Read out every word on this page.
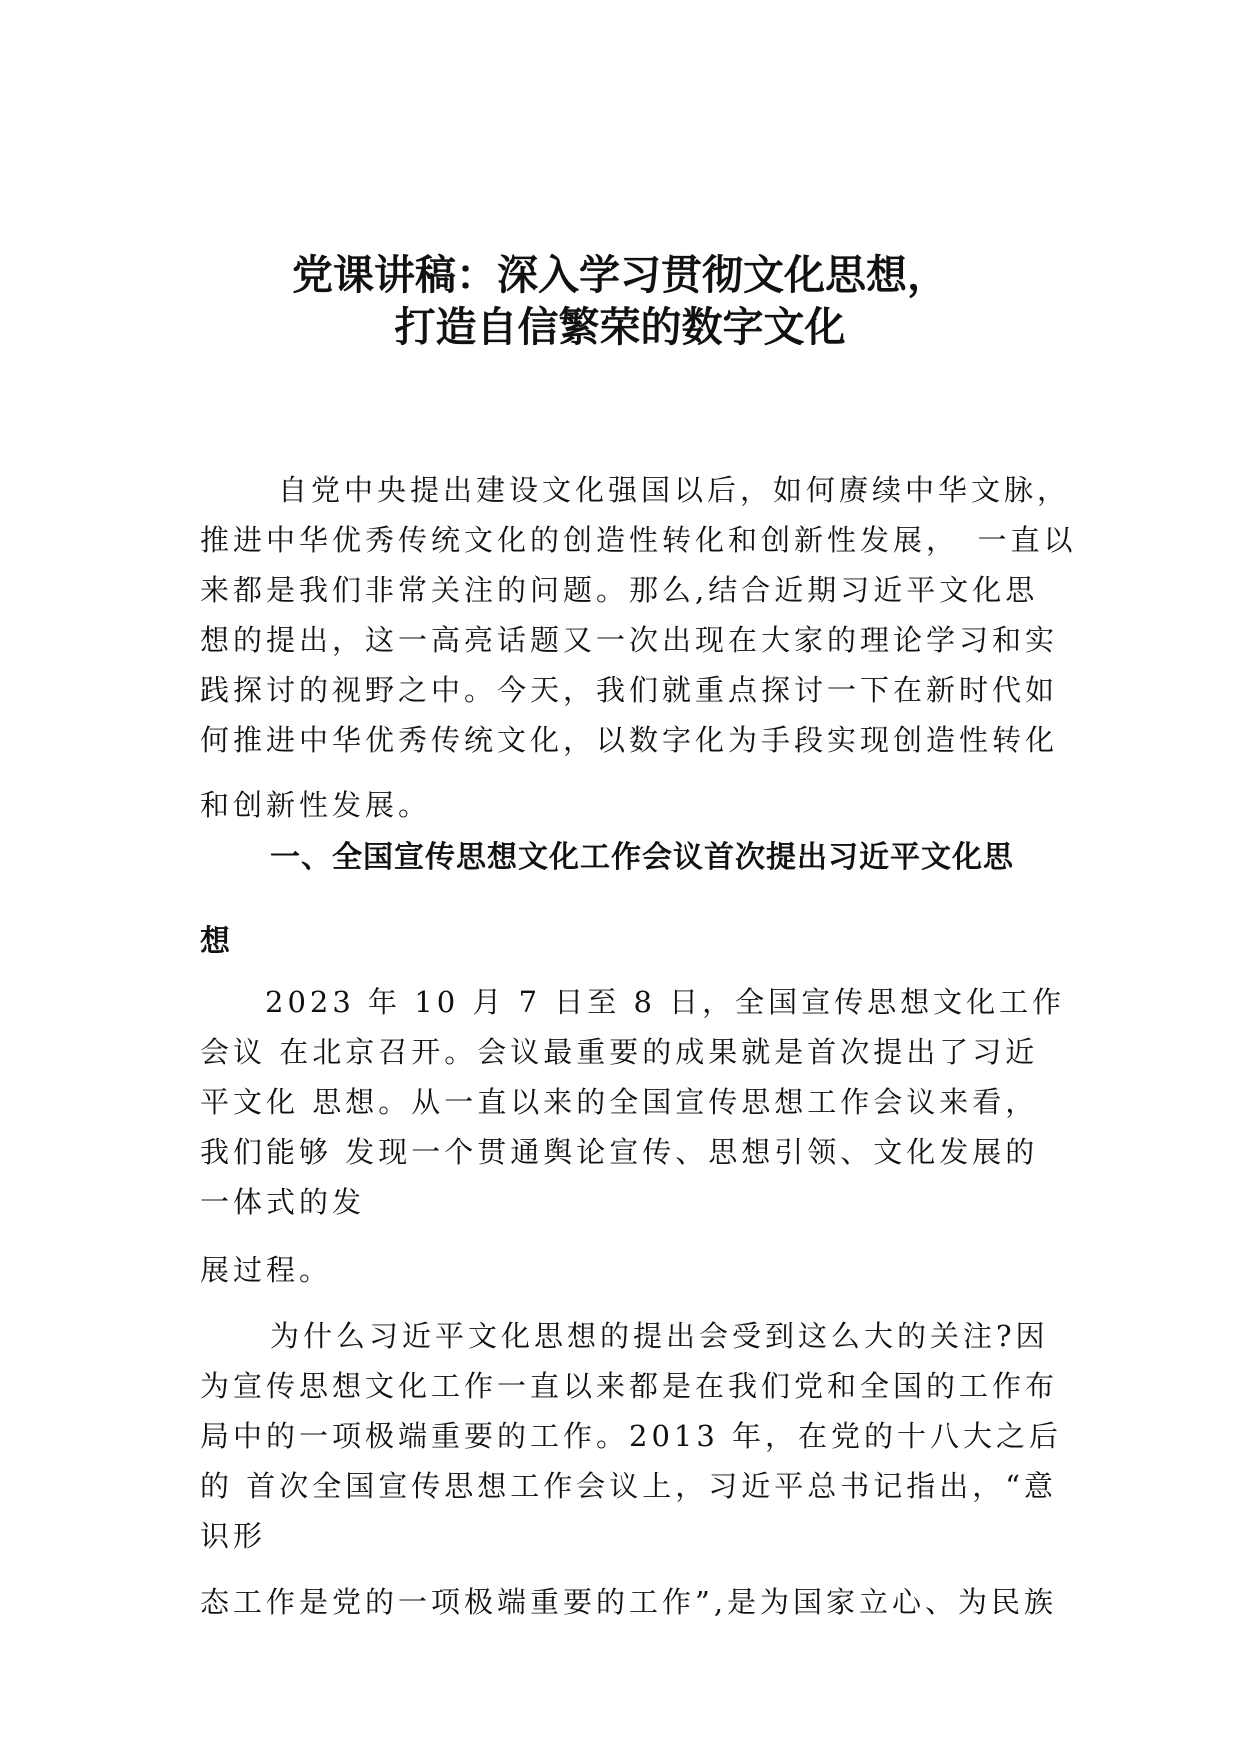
党课讲稿：深入学习贯彻文化思想，
打造自信繁荣的数字文化
自党中央提出建设文化强国以后，如何赓续中华文脉，
推进中华优秀传统文化的创造性转化和创新性发展，　一直以
来都是我们非常关注的问题。那么,结合近期习近平文化思
想的提出，这一高亮话题又一次出现在大家的理论学习和实
践探讨的视野之中。今天，我们就重点探讨一下在新时代如
何推进中华优秀传统文化，以数字化为手段实现创造性转化
和创新性发展。
一、全国宣传思想文化工作会议首次提出习近平文化思
想
2023 年 10 月 7 日至 8 日，全国宣传思想文化工作
会议 在北京召开。会议最重要的成果就是首次提出了习近
平文化 思想。从一直以来的全国宣传思想工作会议来看，
我们能够 发现一个贯通舆论宣传、思想引领、文化发展的
一体式的发
展过程。
为什么习近平文化思想的提出会受到这么大的关注?因
为宣传思想文化工作一直以来都是在我们党和全国的工作布
局中的一项极端重要的工作。2013 年，在党的十八大之后
的 首次全国宣传思想工作会议上，习近平总书记指出，“意
识形
态工作是党的一项极端重要的工作”,是为国家立心、为民族
